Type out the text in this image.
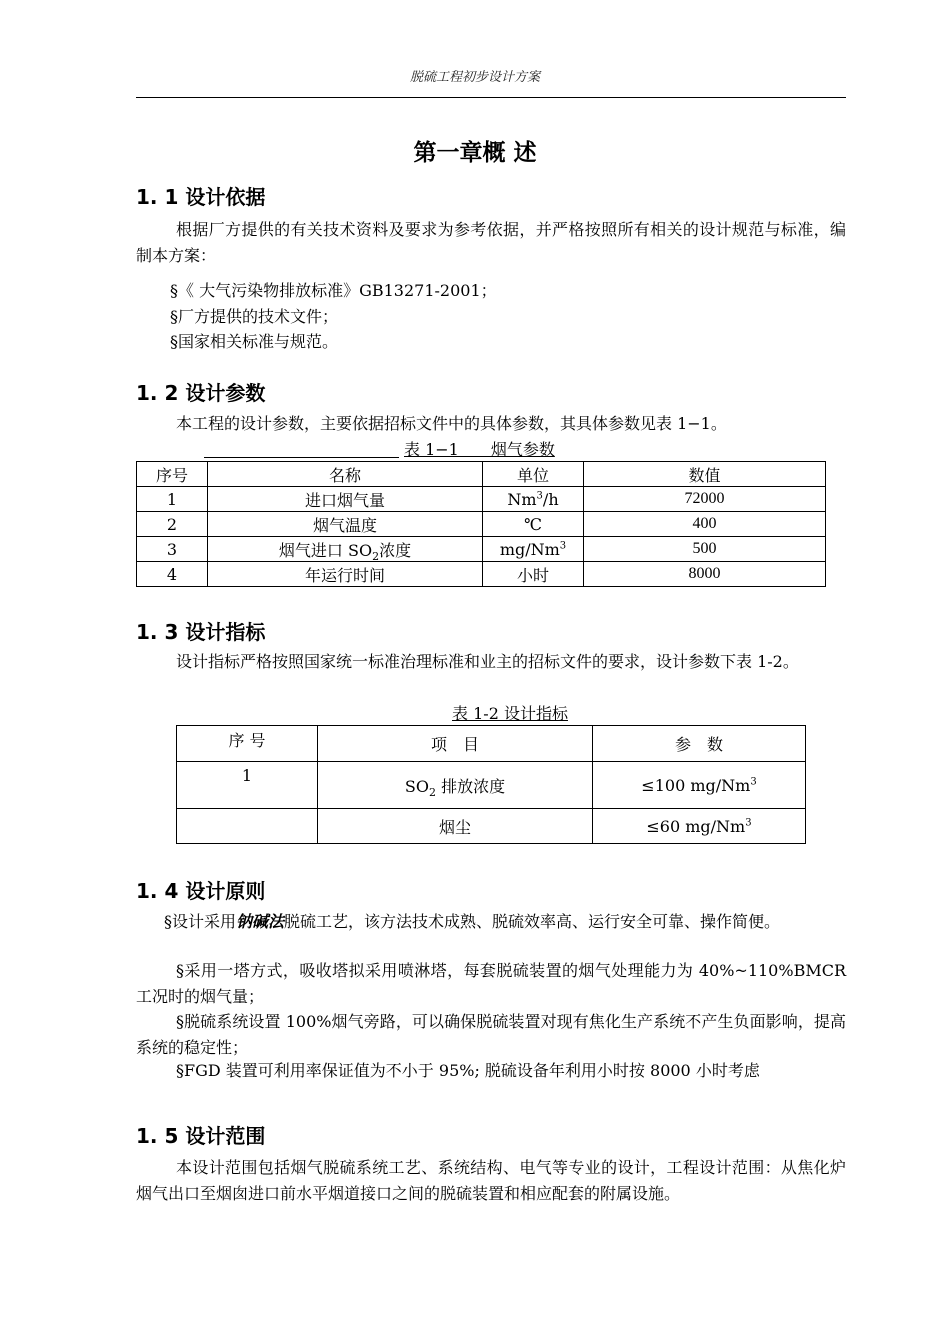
脱硫工程初步设计方案
第一章概 述
1. 1 设计依据
根据厂方提供的有关技术资料及要求为参考依据，并严格按照所有相关的设计规范与标准，编制本方案：
§《 大气污染物排放标准》GB13271-2001；
§厂方提供的技术文件；
§国家相关标准与规范。
1. 2 设计参数
本工程的设计参数，主要依据招标文件中的具体参数，其具体参数见表 1−1。
表 1−1　　烟气参数
序号	名称	单位	数值
1	进口烟气量	Nm$^3$/h	72000
2	烟气温度	℃	400
3	烟气进口 $SO_2$浓度	mg/Nm$^3$	500
4	年运行时间	小时	8000
1. 3 设计指标
设计指标严格按照国家统一标准治理标准和业主的招标文件的要求，设计参数下表 1-2。
表 1-2 设计指标
序 号	项　目	参　数
1	$SO_2$ 排放浓度	≤100 mg/Nm$^3$
	烟尘	≤60 mg/Nm$^3$
1. 4 设计原则
§设计采用钠碱法脱硫工艺，该方法技术成熟、脱硫效率高、运行安全可靠、操作简便。
§采用一塔方式，吸收塔拟采用喷淋塔，每套脱硫装置的烟气处理能力为 40%~110%BMCR 工况时的烟气量；
§脱硫系统设置 100%烟气旁路，可以确保脱硫装置对现有焦化生产系统不产生负面影响，提高系统的稳定性；
§FGD 装置可利用率保证值为不小于 95%; 脱硫设备年利用小时按 8000 小时考虑
1. 5 设计范围
本设计范围包括烟气脱硫系统工艺、系统结构、电气等专业的设计，工程设计范围：从焦化炉烟气出口至烟囱进口前水平烟道接口之间的脱硫装置和相应配套的附属设施。
